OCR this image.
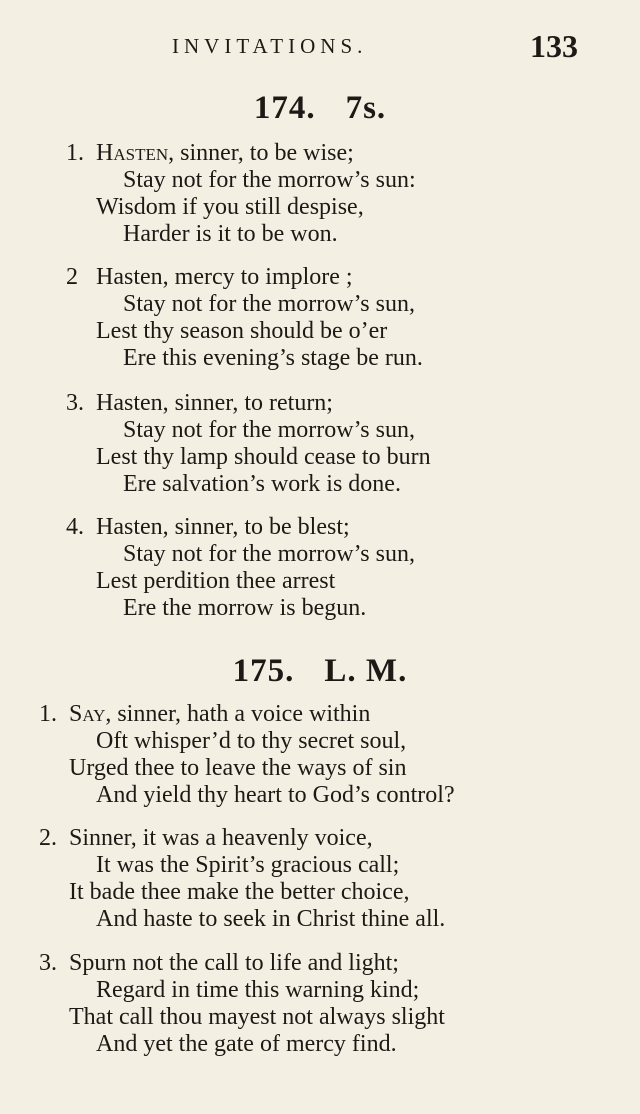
INVITATIONS.	133
174. 7s.
1. Hasten, sinner, to be wise;
Stay not for the morrow’s sun:
Wisdom if you still despise,
Harder is it to be won.
2 Hasten, mercy to implore ;
Stay not for the morrow’s sun,
Lest thy season should be o’er
Ere this evening’s stage be run.
3. Hasten, sinner, to return;
Stay not for the morrow’s sun,
Lest thy lamp should cease to burn
Ere salvation’s work is done.
4. Hasten, sinner, to be blest;
Stay not for the morrow’s sun,
Lest perdition thee arrest
Ere the morrow is begun.
175. L. M.
1. Say, sinner, hath a voice within
Oft whisper’d to thy secret soul,
Urged thee to leave the ways of sin
And yield thy heart to God’s control?
2. Sinner, it was a heavenly voice,
It was the Spirit’s gracious call;
It bade thee make the better choice,
And haste to seek in Christ thine all.
3. Spurn not the call to life and light;
Regard in time this warning kind;
That call thou mayest not always slight
And yet the gate of mercy find.
